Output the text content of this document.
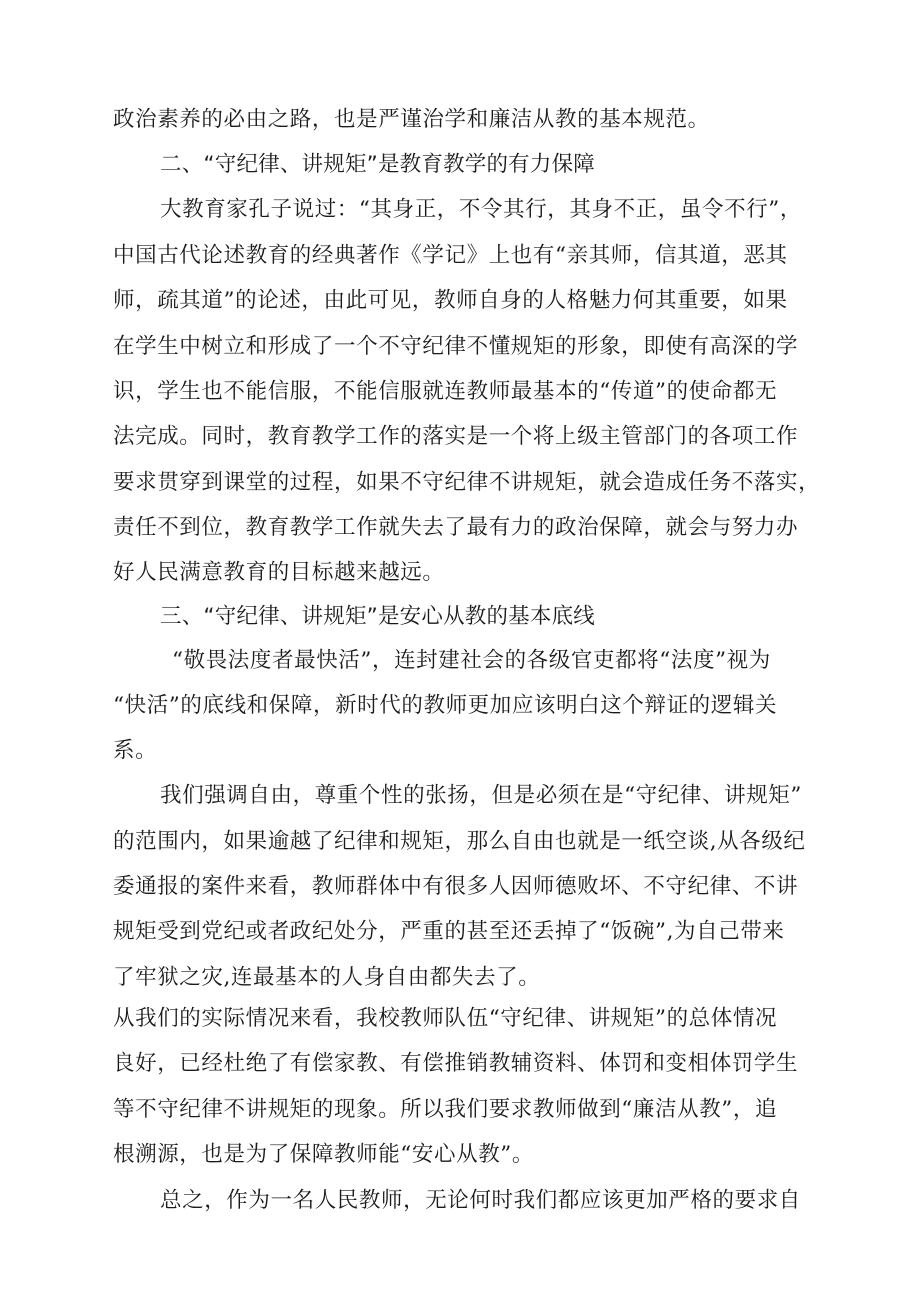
政治素养的必由之路，也是严谨治学和廉洁从教的基本规范。
二、“守纪律、讲规矩”是教育教学的有力保障
大教育家孔子说过：“其身正，不令其行，其身不正，虽令不行”，
中国古代论述教育的经典著作《学记》上也有“亲其师，信其道，恶其
师，疏其道”的论述，由此可见，教师自身的人格魅力何其重要，如果
在学生中树立和形成了一个不守纪律不懂规矩的形象，即使有高深的学
识，学生也不能信服，不能信服就连教师最基本的“传道”的使命都无
法完成。同时，教育教学工作的落实是一个将上级主管部门的各项工作
要求贯穿到课堂的过程，如果不守纪律不讲规矩，就会造成任务不落实，
责任不到位，教育教学工作就失去了最有力的政治保障，就会与努力办
好人民满意教育的目标越来越远。
三、“守纪律、讲规矩”是安心从教的基本底线
“敬畏法度者最快活”，连封建社会的各级官吏都将“法度”视为
“快活”的底线和保障，新时代的教师更加应该明白这个辩证的逻辑关
系。
我们强调自由，尊重个性的张扬，但是必须在是“守纪律、讲规矩”
的范围内，如果逾越了纪律和规矩，那么自由也就是一纸空谈,从各级纪
委通报的案件来看，教师群体中有很多人因师德败坏、不守纪律、不讲
规矩受到党纪或者政纪处分，严重的甚至还丢掉了“饭碗”,为自己带来
了牢狱之灾,连最基本的人身自由都失去了。
从我们的实际情况来看，我校教师队伍“守纪律、讲规矩”的总体情况
良好，已经杜绝了有偿家教、有偿推销教辅资料、体罚和变相体罚学生
等不守纪律不讲规矩的现象。所以我们要求教师做到“廉洁从教”，追
根溯源，也是为了保障教师能“安心从教”。
总之，作为一名人民教师，无论何时我们都应该更加严格的要求自
